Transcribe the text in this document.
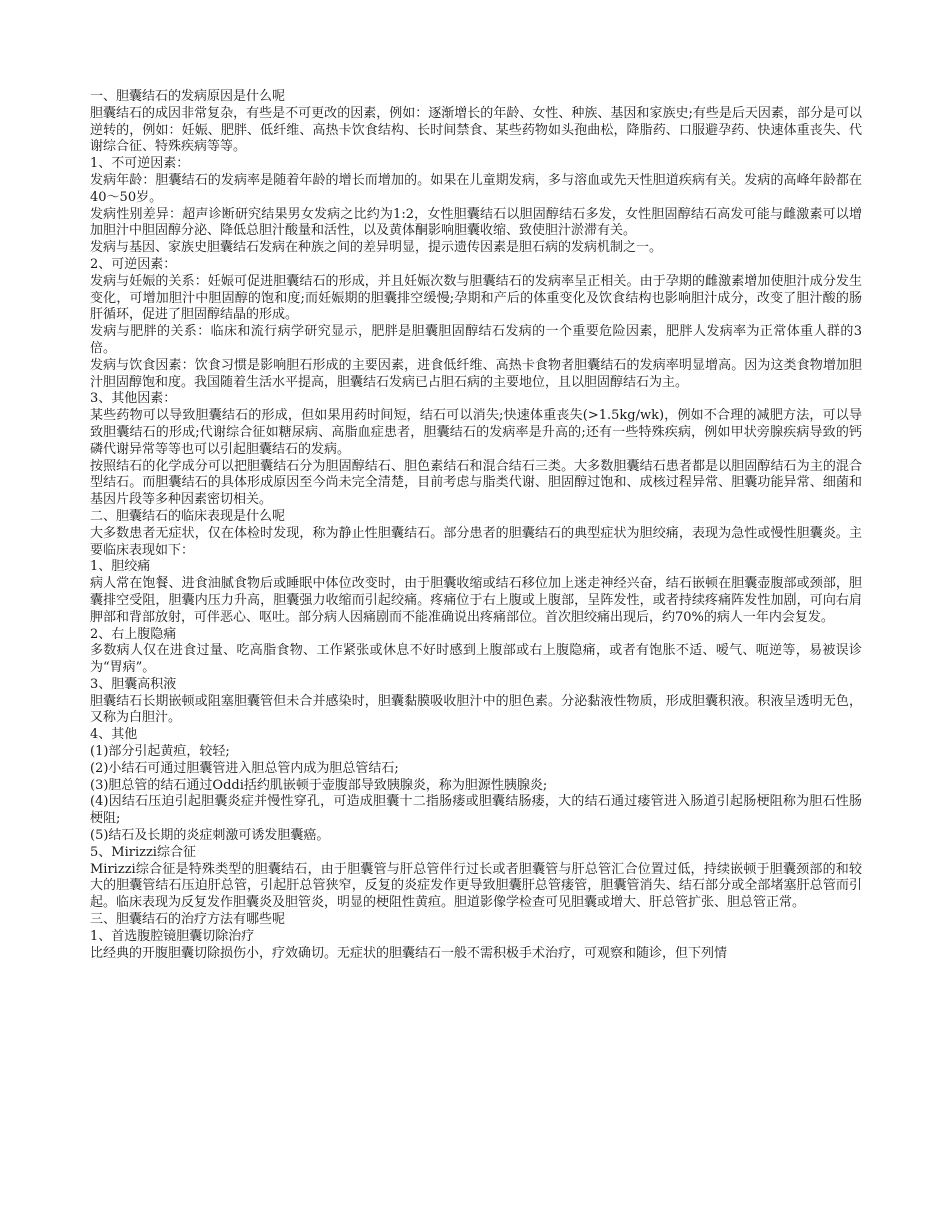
一、胆囊结石的发病原因是什么呢

胆囊结石的成因非常复杂，有些是不可更改的因素，例如：逐渐增长的年龄、女性、种族、基因和家族史;有些是后天因素，部分是可以逆转的，例如：妊娠、肥胖、低纤维、高热卡饮食结构、长时间禁食、某些药物如头孢曲松，降脂药、口服避孕药、快速体重丧失、代谢综合征、特殊疾病等等。

1、不可逆因素：

发病年龄：胆囊结石的发病率是随着年龄的增长而增加的。如果在儿童期发病，多与溶血或先天性胆道疾病有关。发病的高峰年龄都在40～50岁。

发病性别差异：超声诊断研究结果男女发病之比约为1:2，女性胆囊结石以胆固醇结石多发，女性胆固醇结石高发可能与雌激素可以增加胆汁中胆固醇分泌、降低总胆汁酸量和活性，以及黄体酮影响胆囊收缩、致使胆汁淤滞有关。

发病与基因、家族史胆囊结石发病在种族之间的差异明显，提示遗传因素是胆石病的发病机制之一。

2、可逆因素：

发病与妊娠的关系：妊娠可促进胆囊结石的形成，并且妊娠次数与胆囊结石的发病率呈正相关。由于孕期的雌激素增加使胆汁成分发生变化，可增加胆汁中胆固醇的饱和度;而妊娠期的胆囊排空缓慢;孕期和产后的体重变化及饮食结构也影响胆汁成分，改变了胆汁酸的肠肝循环，促进了胆固醇结晶的形成。

发病与肥胖的关系：临床和流行病学研究显示，肥胖是胆囊胆固醇结石发病的一个重要危险因素，肥胖人发病率为正常体重人群的3倍。

发病与饮食因素：饮食习惯是影响胆石形成的主要因素，进食低纤维、高热卡食物者胆囊结石的发病率明显增高。因为这类食物增加胆汁胆固醇饱和度。我国随着生活水平提高，胆囊结石发病已占胆石病的主要地位，且以胆固醇结石为主。

3、其他因素：

某些药物可以导致胆囊结石的形成，但如果用药时间短，结石可以消失;快速体重丧失(>1.5kg/wk)，例如不合理的减肥方法，可以导致胆囊结石的形成;代谢综合征如糖尿病、高脂血症患者，胆囊结石的发病率是升高的;还有一些特殊疾病，例如甲状旁腺疾病导致的钙磷代谢异常等等也可以引起胆囊结石的发病。

按照结石的化学成分可以把胆囊结石分为胆固醇结石、胆色素结石和混合结石三类。大多数胆囊结石患者都是以胆固醇结石为主的混合型结石。而胆囊结石的具体形成原因至今尚未完全清楚，目前考虑与脂类代谢、胆固醇过饱和、成核过程异常、胆囊功能异常、细菌和基因片段等多种因素密切相关。

二、胆囊结石的临床表现是什么呢

大多数患者无症状，仅在体检时发现，称为静止性胆囊结石。部分患者的胆囊结石的典型症状为胆绞痛，表现为急性或慢性胆囊炎。主要临床表现如下：

1、胆绞痛

病人常在饱餐、进食油腻食物后或睡眠中体位改变时，由于胆囊收缩或结石移位加上迷走神经兴奋，结石嵌顿在胆囊壶腹部或颈部，胆囊排空受阻，胆囊内压力升高，胆囊强力收缩而引起绞痛。疼痛位于右上腹或上腹部，呈阵发性，或者持续疼痛阵发性加剧，可向右肩胛部和背部放射，可伴恶心、呕吐。部分病人因痛剧而不能准确说出疼痛部位。首次胆绞痛出现后，约70%的病人一年内会复发。

2、右上腹隐痛

多数病人仅在进食过量、吃高脂食物、工作紧张或休息不好时感到上腹部或右上腹隐痛，或者有饱胀不适、嗳气、呃逆等，易被误诊为“胃病”。

3、胆囊高积液

胆囊结石长期嵌顿或阻塞胆囊管但未合并感染时，胆囊黏膜吸收胆汁中的胆色素。分泌黏液性物质，形成胆囊积液。积液呈透明无色，又称为白胆汁。

4、其他

(1)部分引起黄疸，较轻;

(2)小结石可通过胆囊管进入胆总管内成为胆总管结石;

(3)胆总管的结石通过Oddi括约肌嵌顿于壶腹部导致胰腺炎，称为胆源性胰腺炎;

(4)因结石压迫引起胆囊炎症并慢性穿孔，可造成胆囊十二指肠瘘或胆囊结肠瘘，大的结石通过瘘管进入肠道引起肠梗阻称为胆石性肠梗阻;

(5)结石及长期的炎症刺激可诱发胆囊癌。

5、Mirizzi综合征

Mirizzi综合征是特殊类型的胆囊结石，由于胆囊管与肝总管伴行过长或者胆囊管与肝总管汇合位置过低，持续嵌顿于胆囊颈部的和较大的胆囊管结石压迫肝总管，引起肝总管狭窄，反复的炎症发作更导致胆囊肝总管瘘管，胆囊管消失、结石部分或全部堵塞肝总管而引起。临床表现为反复发作胆囊炎及胆管炎，明显的梗阻性黄疸。胆道影像学检查可见胆囊或增大、肝总管扩张、胆总管正常。

三、胆囊结石的治疗方法有哪些呢

1、首选腹腔镜胆囊切除治疗

比经典的开腹胆囊切除损伤小，疗效确切。无症状的胆囊结石一般不需积极手术治疗，可观察和随诊，但下列情
